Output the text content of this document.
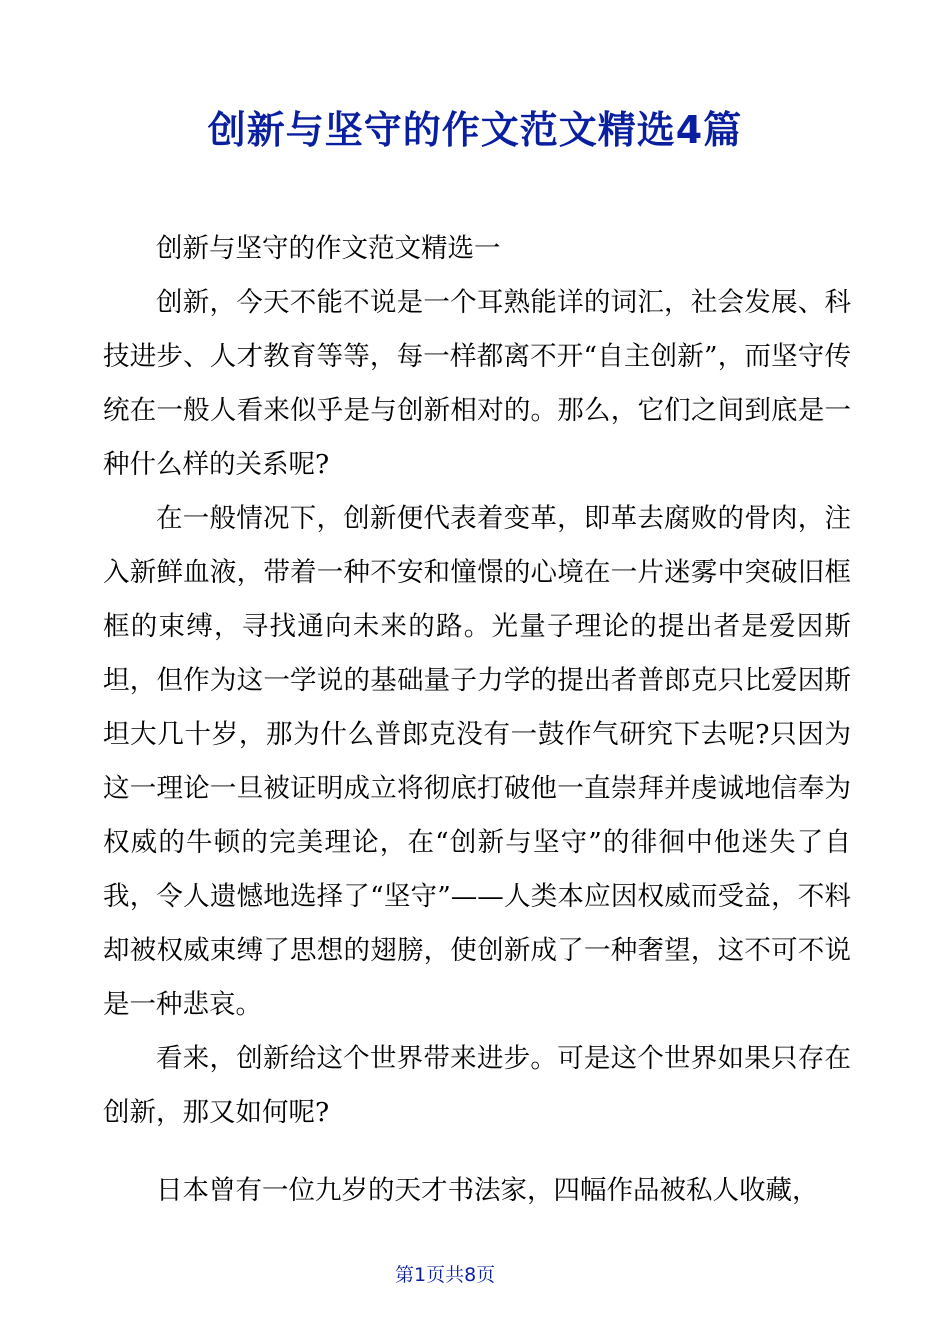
创新与坚守的作文范文精选4篇

创新与坚守的作文范文精选一

创新，今天不能不说是一个耳熟能详的词汇，社会发展、科技进步、人才教育等等，每一样都离不开“自主创新”，而坚守传统在一般人看来似乎是与创新相对的。那么，它们之间到底是一种什么样的关系呢?

在一般情况下，创新便代表着变革，即革去腐败的骨肉，注入新鲜血液，带着一种不安和憧憬的心境在一片迷雾中突破旧框框的束缚，寻找通向未来的路。光量子理论的提出者是爱因斯坦，但作为这一学说的基础量子力学的提出者普郎克只比爱因斯坦大几十岁，那为什么普郎克没有一鼓作气研究下去呢?只因为这一理论一旦被证明成立将彻底打破他一直崇拜并虔诚地信奉为权威的牛顿的完美理论，在“创新与坚守”的徘徊中他迷失了自我，令人遗憾地选择了“坚守”——人类本应因权威而受益，不料却被权威束缚了思想的翅膀，使创新成了一种奢望，这不可不说是一种悲哀。

看来，创新给这个世界带来进步。可是这个世界如果只存在创新，那又如何呢?

日本曾有一位九岁的天才书法家，四幅作品被私人收藏，

第1页共8页
